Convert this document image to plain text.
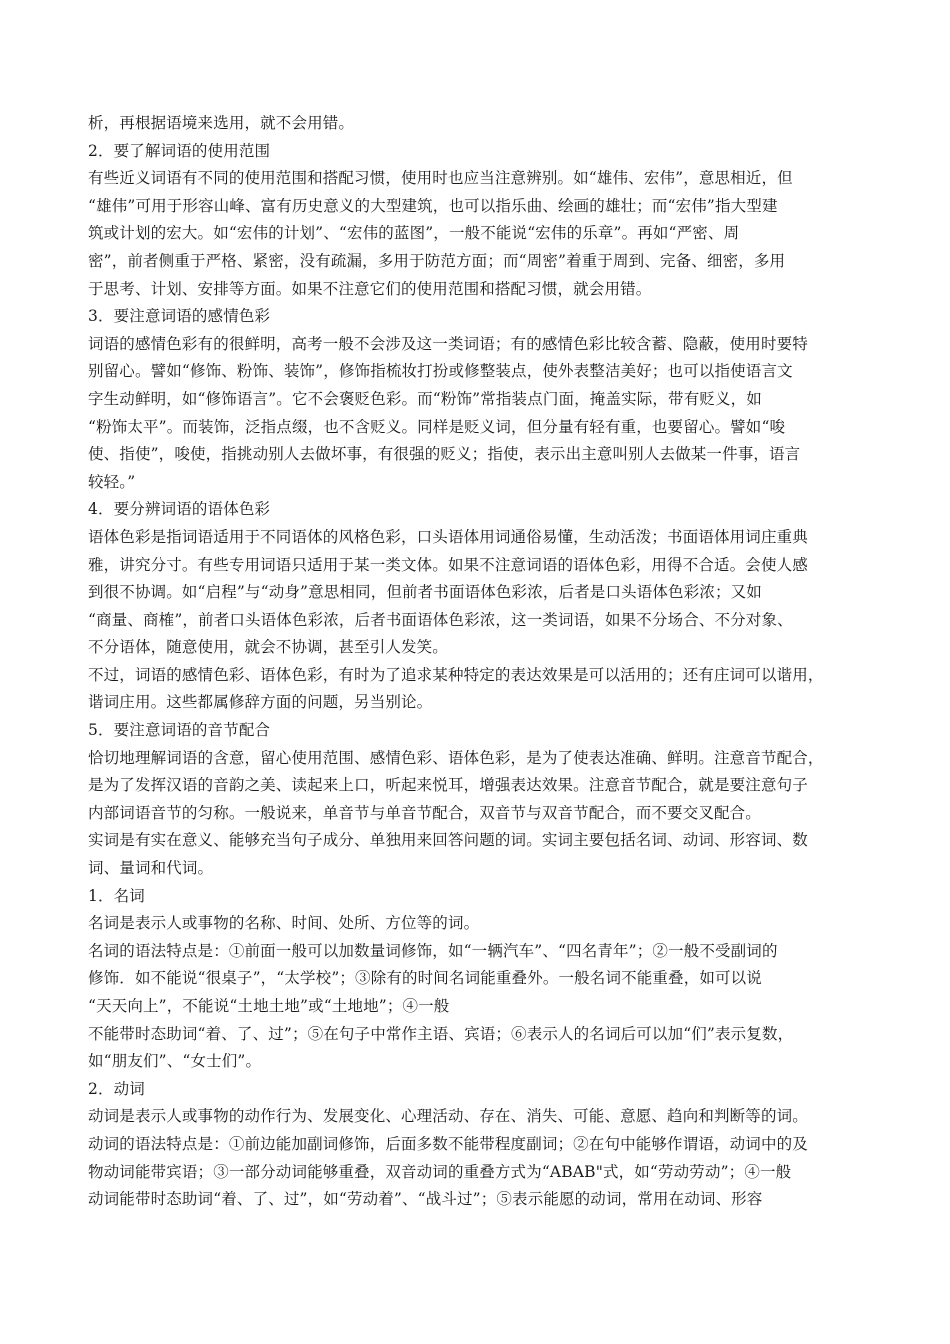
析，再根据语境来选用，就不会用错。
2．要了解词语的使用范围
有些近义词语有不同的使用范围和搭配习惯，使用时也应当注意辨别。如“雄伟、宏伟”，意思相近，但
“雄伟”可用于形容山峰、富有历史意义的大型建筑，也可以指乐曲、绘画的雄壮；而“宏伟”指大型建
筑或计划的宏大。如“宏伟的计划”、“宏伟的蓝图”，一般不能说“宏伟的乐章”。再如“严密、周
密”，前者侧重于严格、紧密，没有疏漏，多用于防范方面；而“周密”着重于周到、完备、细密，多用
于思考、计划、安排等方面。如果不注意它们的使用范围和搭配习惯，就会用错。
3．要注意词语的感情色彩
词语的感情色彩有的很鲜明，高考一般不会涉及这一类词语；有的感情色彩比较含蓄、隐蔽，使用时要特
别留心。譬如“修饰、粉饰、装饰”，修饰指梳妆打扮或修整装点，使外表整洁美好；也可以指使语言文
字生动鲜明，如“修饰语言”。它不会褒贬色彩。而“粉饰”常指装点门面，掩盖实际，带有贬义，如
“粉饰太平”。而装饰，泛指点缀，也不含贬义。同样是贬义词，但分量有轻有重，也要留心。譬如“唆
使、指使”，唆使，指挑动别人去做坏事，有很强的贬义；指使，表示出主意叫别人去做某一件事，语言
较轻。”
4．要分辨词语的语体色彩
语体色彩是指词语适用于不同语体的风格色彩，口头语体用词通俗易懂，生动活泼；书面语体用词庄重典
雅，讲究分寸。有些专用词语只适用于某一类文体。如果不注意词语的语体色彩，用得不合适。会使人感
到很不协调。如“启程”与“动身”意思相同，但前者书面语体色彩浓，后者是口头语体色彩浓；又如
“商量、商榷”，前者口头语体色彩浓，后者书面语体色彩浓，这一类词语，如果不分场合、不分对象、
不分语体，随意使用，就会不协调，甚至引人发笑。
不过，词语的感情色彩、语体色彩，有时为了追求某种特定的表达效果是可以活用的；还有庄词可以谐用，
谐词庄用。这些都属修辞方面的问题，另当别论。
5．要注意词语的音节配合
恰切地理解词语的含意，留心使用范围、感情色彩、语体色彩，是为了使表达准确、鲜明。注意音节配合，
是为了发挥汉语的音韵之美、读起来上口，听起来悦耳，增强表达效果。注意音节配合，就是要注意句子
内部词语音节的匀称。一般说来，单音节与单音节配合，双音节与双音节配合，而不要交叉配合。
实词是有实在意义、能够充当句子成分、单独用来回答问题的词。实词主要包括名词、动词、形容词、数
词、量词和代词。
1．名词
名词是表示人或事物的名称、时间、处所、方位等的词。
名词的语法特点是：①前面一般可以加数量词修饰，如“一辆汽车”、“四名青年”；②一般不受副词的
修饰．如不能说“很桌子”，“太学校”；③除有的时间名词能重叠外。一般名词不能重叠，如可以说
“天天向上”，不能说“土地土地”或“土地地”；④一般
不能带时态助词“着、了、过”；⑤在句子中常作主语、宾语；⑥表示人的名词后可以加“们”表示复数，
如“朋友们”、“女士们”。
2．动词
动词是表示人或事物的动作行为、发展变化、心理活动、存在、消失、可能、意愿、趋向和判断等的词。
动词的语法特点是：①前边能加副词修饰，后面多数不能带程度副词；②在句中能够作谓语，动词中的及
物动词能带宾语；③一部分动词能够重叠，双音动词的重叠方式为“ABAB"式，如“劳动劳动”；④一般
动词能带时态助词“着、了、过”，如“劳动着”、“战斗过”；⑤表示能愿的动词，常用在动词、形容
